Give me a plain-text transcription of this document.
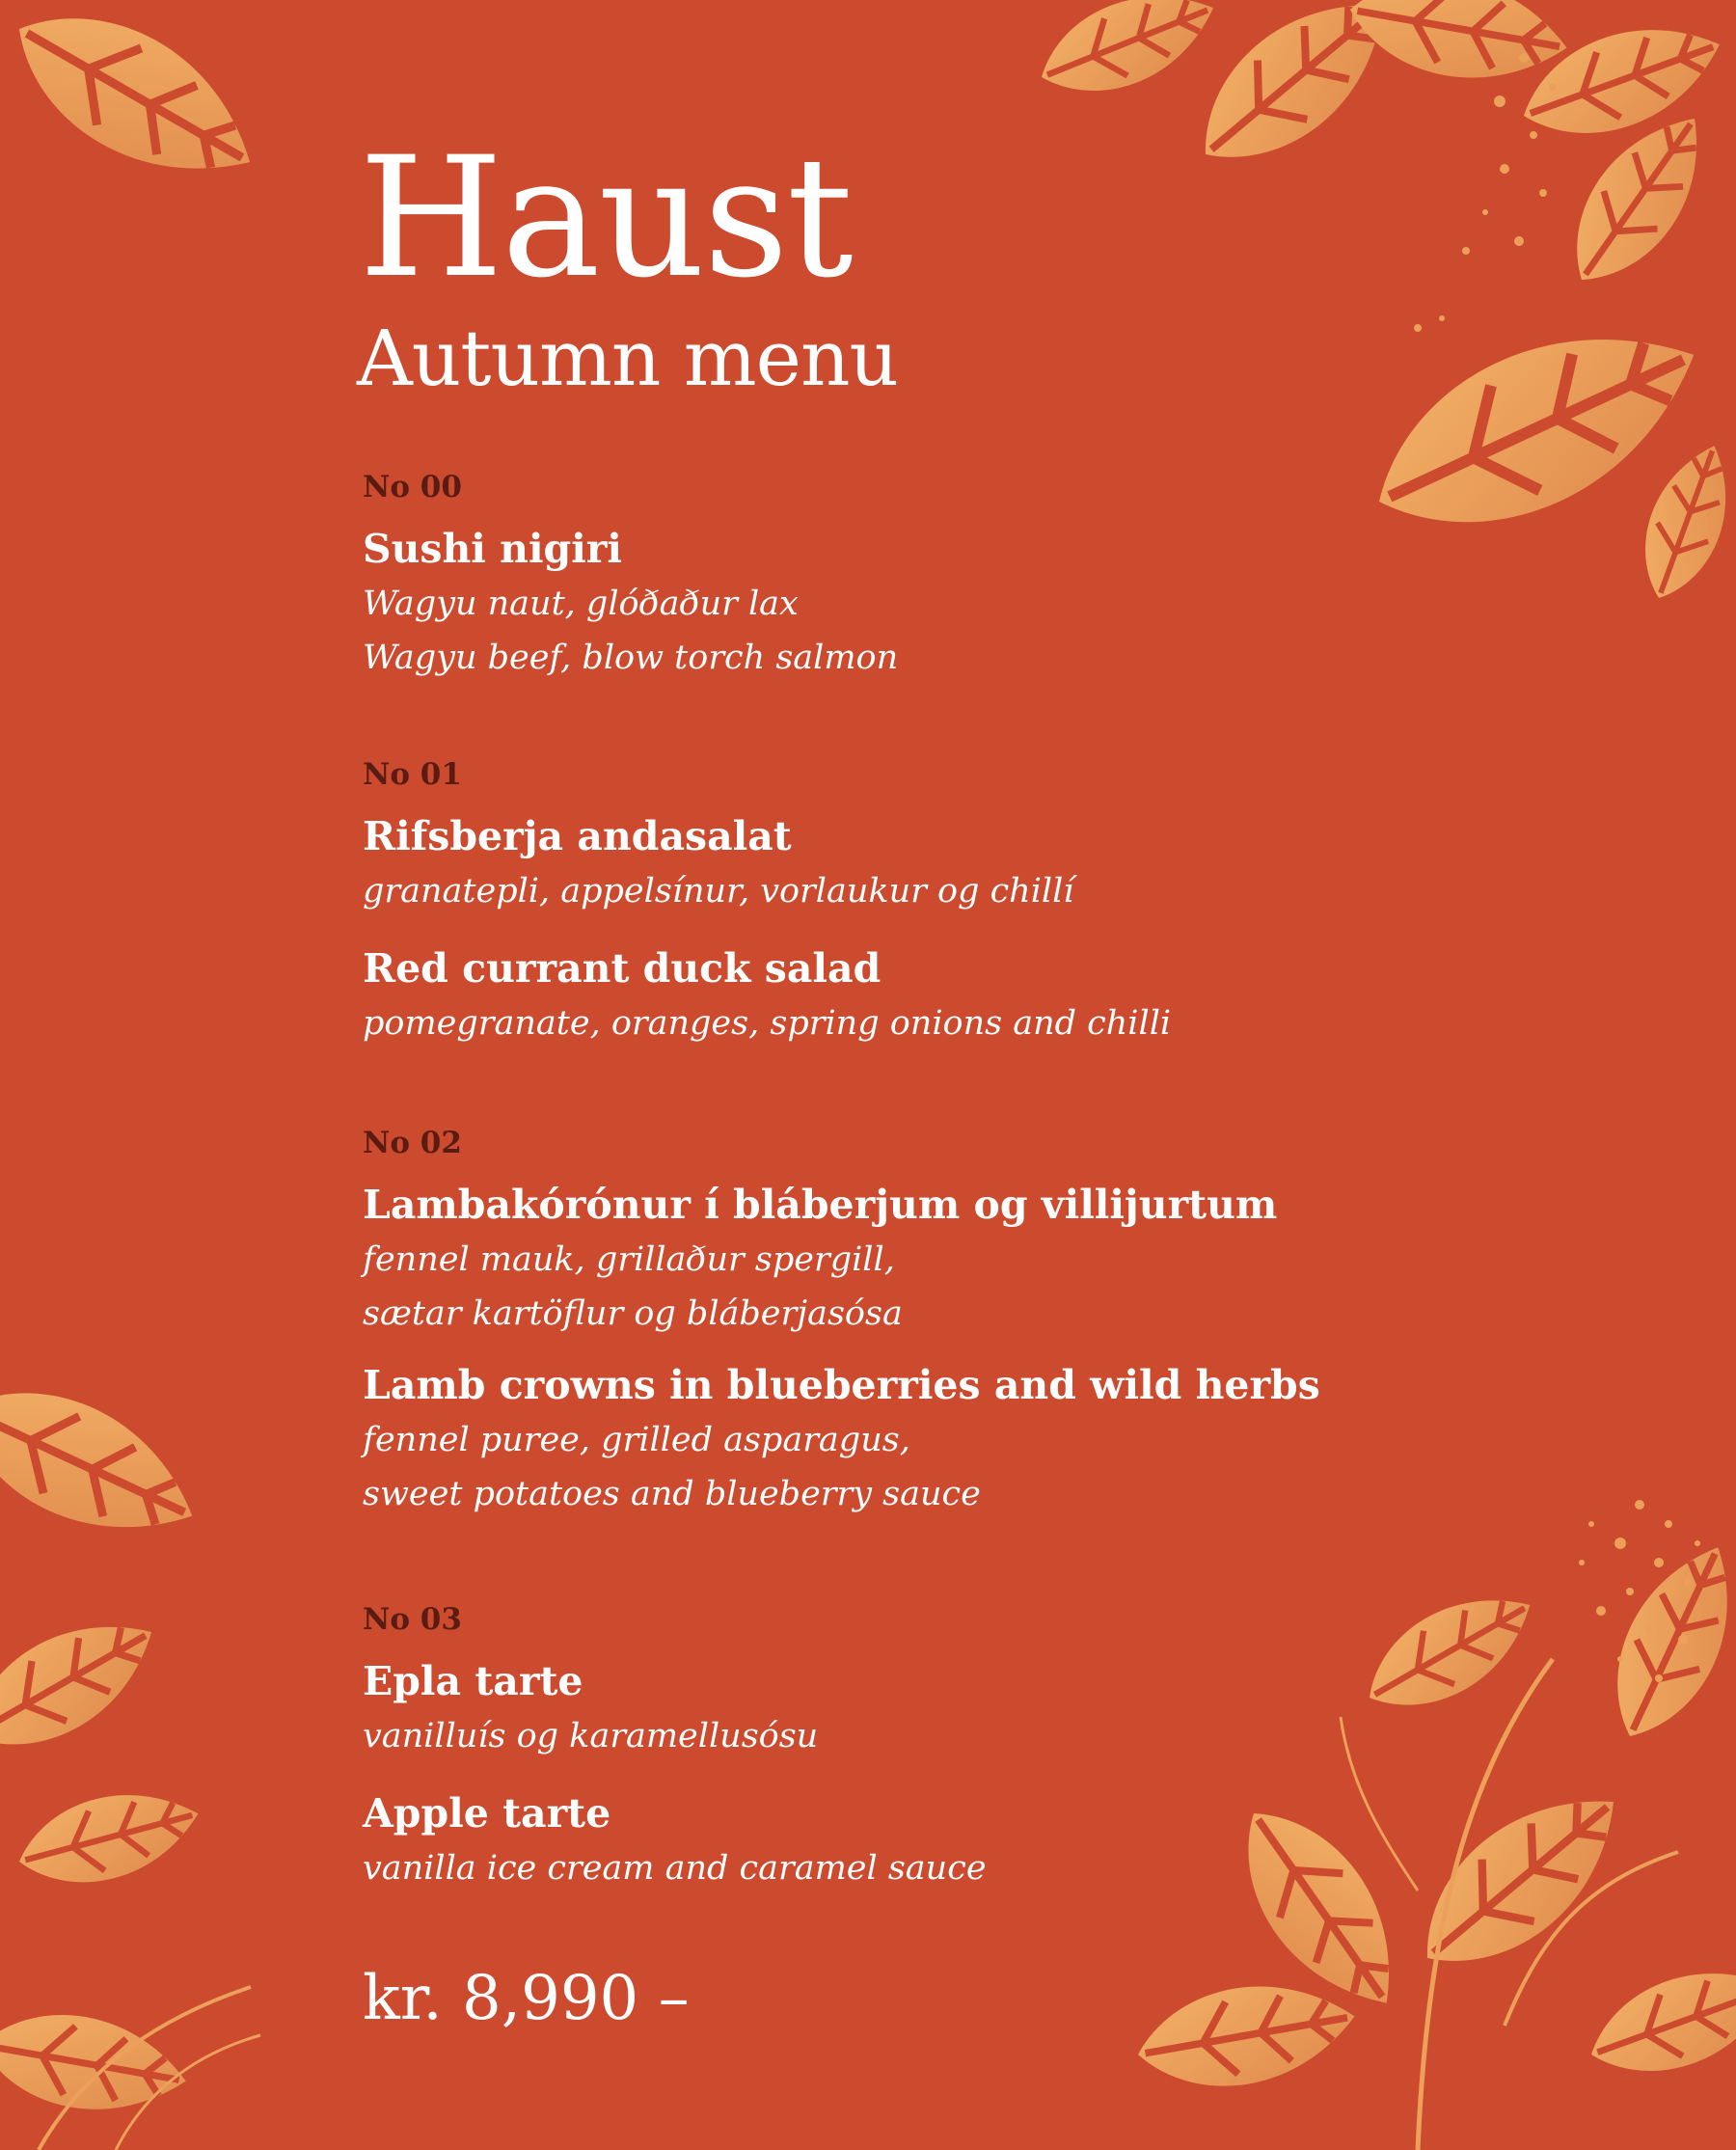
Haust
Autumn menu
No 00
Sushi nigiri
Wagyu naut, glóðaður lax
Wagyu beef, blow torch salmon
No 01
Rifsberja andasalat
granatepli, appelsínur, vorlaukur og chillí
Red currant duck salad
pomegranate, oranges, spring onions and chilli
No 02
Lambakórónur í bláberjum og villijurtum
fennel mauk, grillaður spergill,
sætar kartöflur og bláberjasósa
Lamb crowns in blueberries and wild herbs
fennel puree, grilled asparagus,
sweet potatoes and blueberry sauce
No 03
Epla tarte
vanilluís og karamellusósu
Apple tarte
vanilla ice cream and caramel sauce
kr. 8,990 –
